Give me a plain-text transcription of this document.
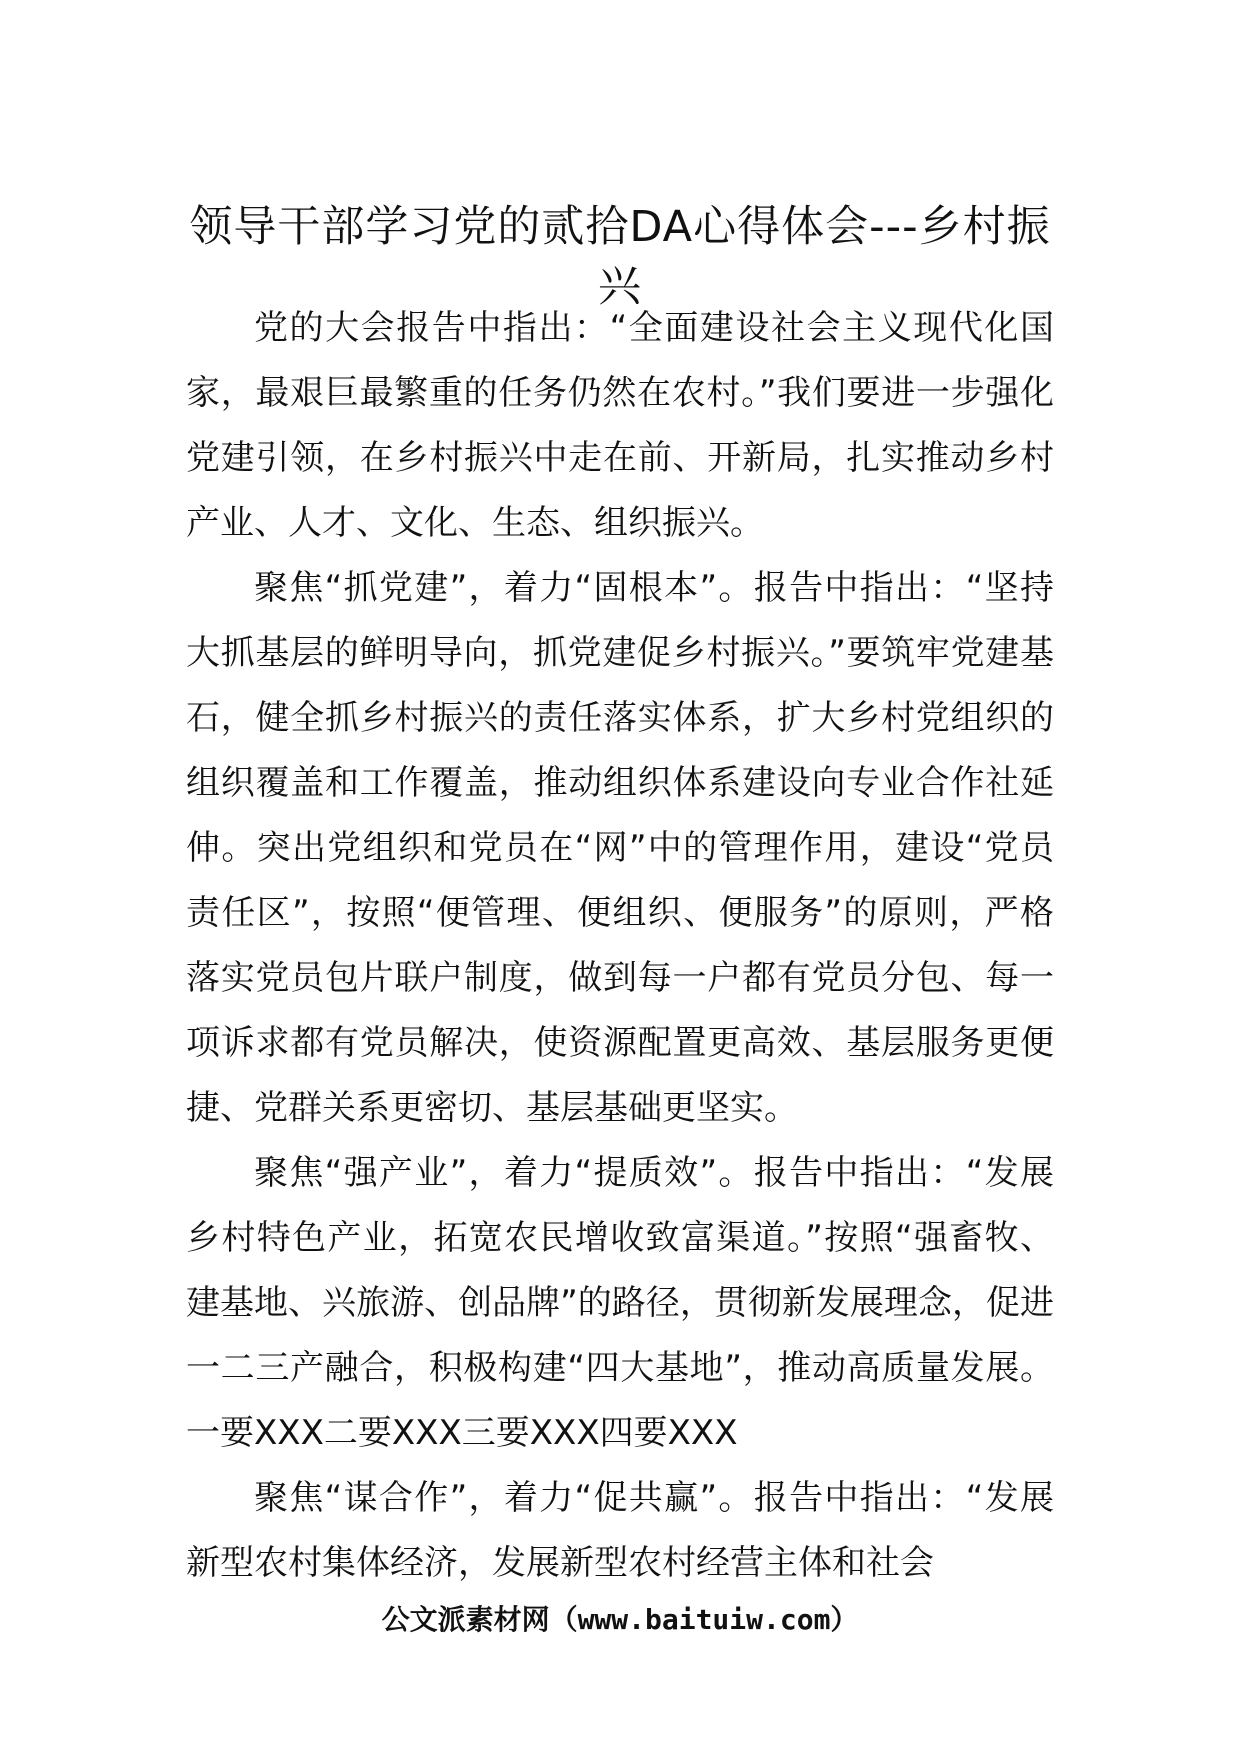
领导干部学习党的贰拾DA心得体会---乡村振兴

党的大会报告中指出：“全面建设社会主义现代化国家，最艰巨最繁重的任务仍然在农村。”我们要进一步强化党建引领，在乡村振兴中走在前、开新局，扎实推动乡村产业、人才、文化、生态、组织振兴。

聚焦“抓党建”，着力“固根本”。报告中指出：“坚持大抓基层的鲜明导向，抓党建促乡村振兴。”要筑牢党建基石，健全抓乡村振兴的责任落实体系，扩大乡村党组织的组织覆盖和工作覆盖，推动组织体系建设向专业合作社延伸。突出党组织和党员在“网”中的管理作用，建设“党员责任区”，按照“便管理、便组织、便服务”的原则，严格落实党员包片联户制度，做到每一户都有党员分包、每一项诉求都有党员解决，使资源配置更高效、基层服务更便捷、党群关系更密切、基层基础更坚实。

聚焦“强产业”，着力“提质效”。报告中指出：“发展乡村特色产业，拓宽农民增收致富渠道。”按照“强畜牧、建基地、兴旅游、创品牌”的路径，贯彻新发展理念，促进一二三产融合，积极构建“四大基地”，推动高质量发展。一要XXX二要XXX三要XXX四要XXX

聚焦“谋合作”，着力“促共赢”。报告中指出：“发展新型农村集体经济，发展新型农村经营主体和社会

公文派素材网（www.baituiw.com）
